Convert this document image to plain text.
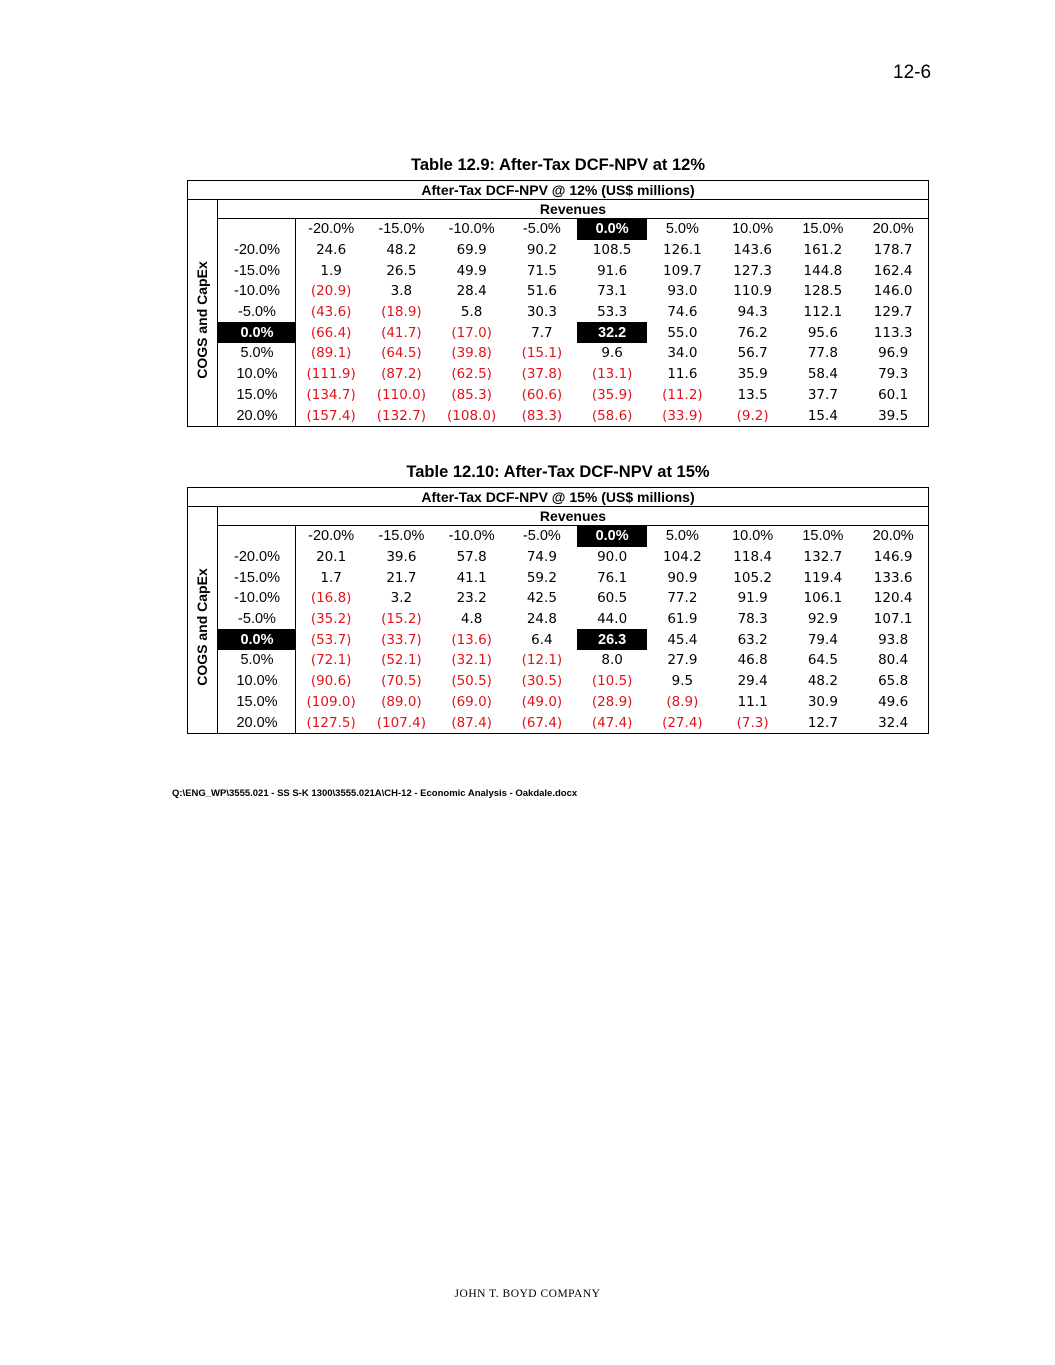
12-6
Table 12.9: After-Tax DCF-NPV at 12%
After-Tax DCF-NPV @ 12% (US$ millions)
COGS and CapEx
Revenues
	-20.0%	-15.0%	-10.0%	-5.0%	0.0%	5.0%	10.0%	15.0%	20.0%
-20.0%	24.6	48.2	69.9	90.2	108.5	126.1	143.6	161.2	178.7
-15.0%	1.9	26.5	49.9	71.5	91.6	109.7	127.3	144.8	162.4
-10.0%	(20.9)	3.8	28.4	51.6	73.1	93.0	110.9	128.5	146.0
-5.0%	(43.6)	(18.9)	5.8	30.3	53.3	74.6	94.3	112.1	129.7
0.0%	(66.4)	(41.7)	(17.0)	7.7	32.2	55.0	76.2	95.6	113.3
5.0%	(89.1)	(64.5)	(39.8)	(15.1)	9.6	34.0	56.7	77.8	96.9
10.0%	(111.9)	(87.2)	(62.5)	(37.8)	(13.1)	11.6	35.9	58.4	79.3
15.0%	(134.7)	(110.0)	(85.3)	(60.6)	(35.9)	(11.2)	13.5	37.7	60.1
20.0%	(157.4)	(132.7)	(108.0)	(83.3)	(58.6)	(33.9)	(9.2)	15.4	39.5
Table 12.10: After-Tax DCF-NPV at 15%
After-Tax DCF-NPV @ 15% (US$ millions)
COGS and CapEx
Revenues
	-20.0%	-15.0%	-10.0%	-5.0%	0.0%	5.0%	10.0%	15.0%	20.0%
-20.0%	20.1	39.6	57.8	74.9	90.0	104.2	118.4	132.7	146.9
-15.0%	1.7	21.7	41.1	59.2	76.1	90.9	105.2	119.4	133.6
-10.0%	(16.8)	3.2	23.2	42.5	60.5	77.2	91.9	106.1	120.4
-5.0%	(35.2)	(15.2)	4.8	24.8	44.0	61.9	78.3	92.9	107.1
0.0%	(53.7)	(33.7)	(13.6)	6.4	26.3	45.4	63.2	79.4	93.8
5.0%	(72.1)	(52.1)	(32.1)	(12.1)	8.0	27.9	46.8	64.5	80.4
10.0%	(90.6)	(70.5)	(50.5)	(30.5)	(10.5)	9.5	29.4	48.2	65.8
15.0%	(109.0)	(89.0)	(69.0)	(49.0)	(28.9)	(8.9)	11.1	30.9	49.6
20.0%	(127.5)	(107.4)	(87.4)	(67.4)	(47.4)	(27.4)	(7.3)	12.7	32.4
Q:\ENG_WP\3555.021 - SS S-K 1300\3555.021A\CH-12 - Economic Analysis - Oakdale.docx
JOHN T. BOYD COMPANY
